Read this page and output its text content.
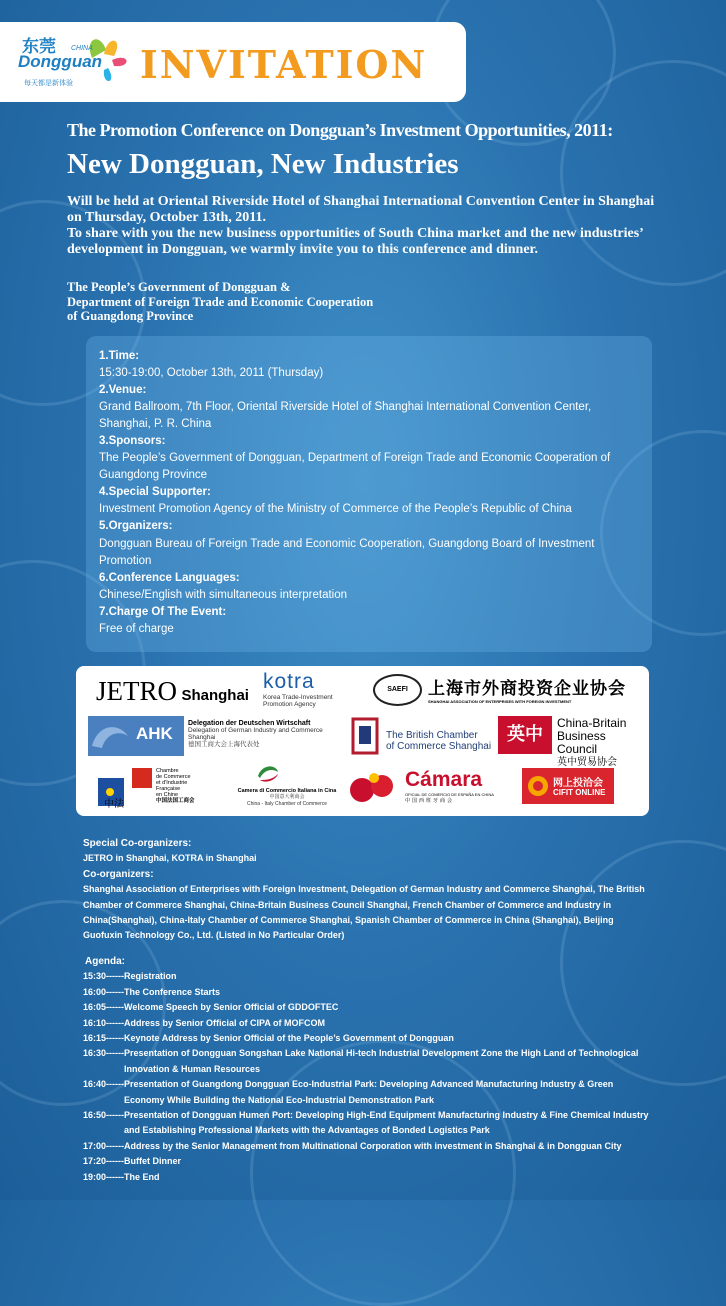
东莞 CHINA
Dongguan
每天都是新体验 INVITATION
The Promotion Conference on Dongguan’s Investment Opportunities, 2011:
New Dongguan, New Industries

Will be held at Oriental Riverside Hotel of Shanghai International Convention Center in Shanghai on Thursday, October 13th, 2011.

To share with you the new business opportunities of South China market and the new industries’ development in Dongguan, we warmly invite you to this conference and dinner.

The People’s Government of Dongguan &
Department of Foreign Trade and Economic Cooperation
of Guangdong Province
1.Time:
15:30-19:00, October 13th, 2011 (Thursday)
2.Venue:
Grand Ballroom, 7th Floor, Oriental Riverside Hotel of Shanghai International Convention Center, Shanghai, P. R. China
3.Sponsors:
The People’s Government of Dongguan, Department of Foreign Trade and Economic Cooperation of Guangdong Province
4.Special Supporter:
Investment Promotion Agency of the Ministry of Commerce of the People’s Republic of China
5.Organizers:
Dongguan Bureau of Foreign Trade and Economic Cooperation, Guangdong Board of Investment Promotion
6.Conference Languages:
Chinese/English with simultaneous interpretation
7.Charge Of The Event:
Free of charge
JETRO Shanghai
kotra
Korea Trade-Investment
Promotion Agency
SAEFI	上海市外商投资企业协会
SHANGHAI ASSOCIATION OF ENTERPRISES WITH FOREIGN INVESTMENT
AHK
Delegation der Deutschen Wirtschaft
Delegation of German Industry and Commerce
Shanghai
德国工商大会上海代表处
The British Chamber
of Commerce Shanghai
英中
China-Britain
Business Council
英中贸易协会
中法
Chambre
de Commerce
et d'Industrie
Française
en Chine
中国法国工商会
Camera di Commercio Italiana in Cina
中国意大利商会
China - Italy Chamber of Commerce
Cámara
OFICIAL DE COMERCIO DE ESPAÑA EN CHINA
中国西班牙商会
网上投洽会
CIFIT ONLINE
Special Co-organizers:
JETRO in Shanghai, KOTRA in Shanghai
Co-organizers:
Shanghai Association of Enterprises with Foreign Investment, Delegation of German Industry and Commerce Shanghai, The British Chamber of Commerce Shanghai, China-Britain Business Council Shanghai, French Chamber of Commerce and Industry in China(Shanghai), China-Italy Chamber of Commerce Shanghai, Spanish Chamber of Commerce in China (Shanghai), Beijing Guofuxin Technology Co., Ltd. (Listed in No Particular Order)
Agenda:
15:30------ Registration
16:00------ The Conference Starts
16:05------ Welcome Speech by Senior Official of GDDOFTEC
16:10------ Address by Senior Official of CIPA of MOFCOM
16:15------ Keynote Address by Senior Official of the People’s Government of Dongguan
16:30------ Presentation of Dongguan Songshan Lake National Hi-tech Industrial Development Zone the High Land of Technological Innovation & Human Resources
16:40------ Presentation of Guangdong Dongguan Eco-Industrial Park: Developing Advanced Manufacturing Industry & Green Economy While Building the National Eco-Industrial Demonstration Park
16:50------ Presentation of Dongguan Humen Port: Developing High-End Equipment Manufacturing Industry & Fine Chemical Industry and Establishing Professional Markets with the Advantages of Bonded Logistics Park
17:00------ Address by the Senior Management from Multinational Corporation with investment in Shanghai & in Dongguan City
17:20------ Buffet Dinner
19:00------ The End
